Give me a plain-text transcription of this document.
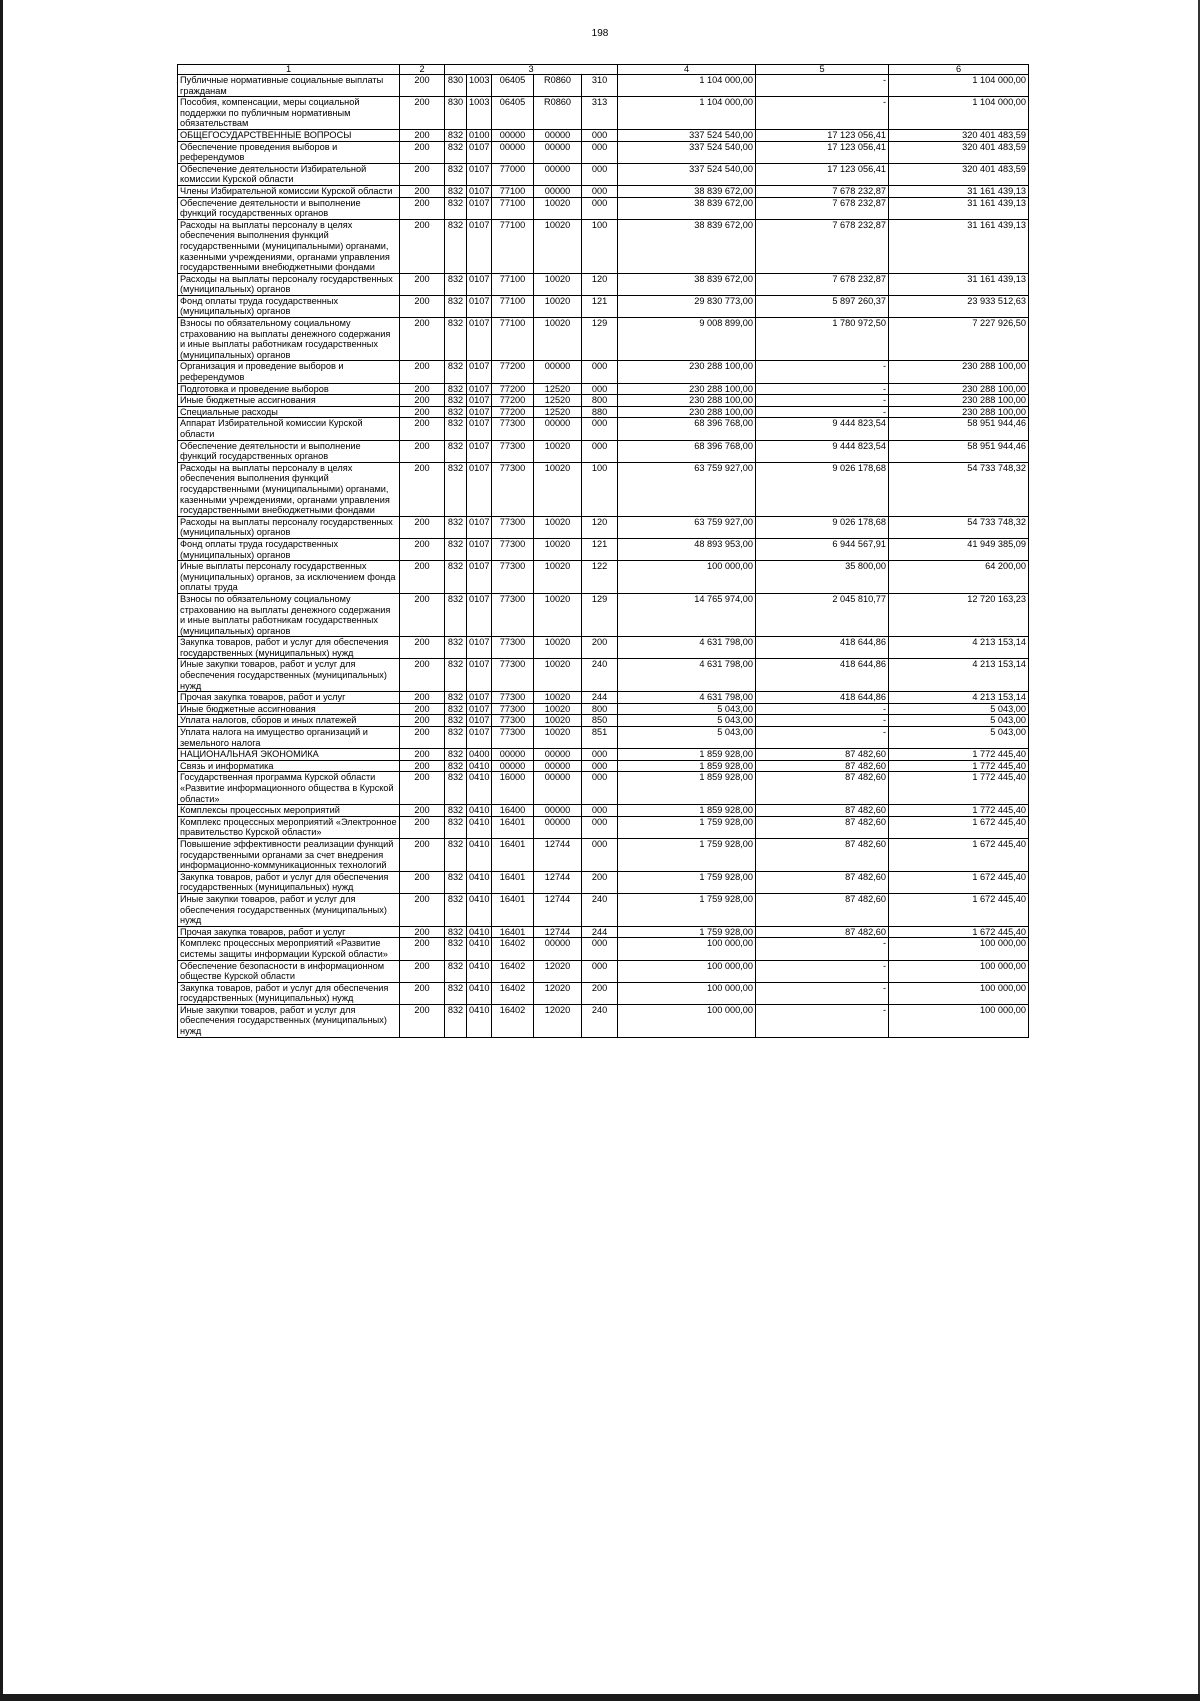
198
1	2	3					4	5	6
Публичные нормативные социальные выплаты гражданам	200	830	1003	06405	R0860	310	1 104 000,00	-	1 104 000,00
Пособия, компенсации, меры социальной поддержки по публичным нормативным обязательствам	200	830	1003	06405	R0860	313	1 104 000,00	-	1 104 000,00
ОБЩЕГОСУДАРСТВЕННЫЕ ВОПРОСЫ	200	832	0100	00000	00000	000	337 524 540,00	17 123 056,41	320 401 483,59
Обеспечение проведения выборов и референдумов	200	832	0107	00000	00000	000	337 524 540,00	17 123 056,41	320 401 483,59
Обеспечение деятельности Избирательной комиссии Курской области	200	832	0107	77000	00000	000	337 524 540,00	17 123 056,41	320 401 483,59
Члены Избирательной комиссии Курской области	200	832	0107	77100	00000	000	38 839 672,00	7 678 232,87	31 161 439,13
Обеспечение деятельности и выполнение функций государственных органов	200	832	0107	77100	10020	000	38 839 672,00	7 678 232,87	31 161 439,13
Расходы на выплаты персоналу в целях обеспечения выполнения функций государственными (муниципальными) органами, казенными учреждениями, органами управления государственными внебюджетными фондами	200	832	0107	77100	10020	100	38 839 672,00	7 678 232,87	31 161 439,13
Расходы на выплаты персоналу государственных (муниципальных) органов	200	832	0107	77100	10020	120	38 839 672,00	7 678 232,87	31 161 439,13
Фонд оплаты труда государственных (муниципальных) органов	200	832	0107	77100	10020	121	29 830 773,00	5 897 260,37	23 933 512,63
Взносы по обязательному социальному страхованию на выплаты денежного содержания и иные выплаты работникам государственных (муниципальных) органов	200	832	0107	77100	10020	129	9 008 899,00	1 780 972,50	7 227 926,50
Организация и проведение выборов и референдумов	200	832	0107	77200	00000	000	230 288 100,00	-	230 288 100,00
Подготовка и проведение выборов	200	832	0107	77200	12520	000	230 288 100,00	-	230 288 100,00
Иные бюджетные ассигнования	200	832	0107	77200	12520	800	230 288 100,00	-	230 288 100,00
Специальные расходы	200	832	0107	77200	12520	880	230 288 100,00	-	230 288 100,00
Аппарат Избирательной комиссии Курской области	200	832	0107	77300	00000	000	68 396 768,00	9 444 823,54	58 951 944,46
Обеспечение деятельности и выполнение функций государственных органов	200	832	0107	77300	10020	000	68 396 768,00	9 444 823,54	58 951 944,46
Расходы на выплаты персоналу в целях обеспечения выполнения функций государственными (муниципальными) органами, казенными учреждениями, органами управления государственными внебюджетными фондами	200	832	0107	77300	10020	100	63 759 927,00	9 026 178,68	54 733 748,32
Расходы на выплаты персоналу государственных (муниципальных) органов	200	832	0107	77300	10020	120	63 759 927,00	9 026 178,68	54 733 748,32
Фонд оплаты труда государственных (муниципальных) органов	200	832	0107	77300	10020	121	48 893 953,00	6 944 567,91	41 949 385,09
Иные выплаты персоналу государственных (муниципальных) органов, за исключением фонда оплаты труда	200	832	0107	77300	10020	122	100 000,00	35 800,00	64 200,00
Взносы по обязательному социальному страхованию на выплаты денежного содержания и иные выплаты работникам государственных (муниципальных) органов	200	832	0107	77300	10020	129	14 765 974,00	2 045 810,77	12 720 163,23
Закупка товаров, работ и услуг для обеспечения государственных (муниципальных) нужд	200	832	0107	77300	10020	200	4 631 798,00	418 644,86	4 213 153,14
Иные закупки товаров, работ и услуг для обеспечения государственных (муниципальных) нужд	200	832	0107	77300	10020	240	4 631 798,00	418 644,86	4 213 153,14
Прочая закупка товаров, работ и услуг	200	832	0107	77300	10020	244	4 631 798,00	418 644,86	4 213 153,14
Иные бюджетные ассигнования	200	832	0107	77300	10020	800	5 043,00	-	5 043,00
Уплата налогов, сборов и иных платежей	200	832	0107	77300	10020	850	5 043,00	-	5 043,00
Уплата налога на имущество организаций и земельного налога	200	832	0107	77300	10020	851	5 043,00	-	5 043,00
НАЦИОНАЛЬНАЯ ЭКОНОМИКА	200	832	0400	00000	00000	000	1 859 928,00	87 482,60	1 772 445,40
Связь и информатика	200	832	0410	00000	00000	000	1 859 928,00	87 482,60	1 772 445,40
Государственная программа Курской области «Развитие информационного общества в Курской области»	200	832	0410	16000	00000	000	1 859 928,00	87 482,60	1 772 445,40
Комплексы процессных мероприятий	200	832	0410	16400	00000	000	1 859 928,00	87 482,60	1 772 445,40
Комплекс процессных мероприятий «Электронное правительство Курской области»	200	832	0410	16401	00000	000	1 759 928,00	87 482,60	1 672 445,40
Повышение эффективности реализации функций государственными органами за счет внедрения информационно-коммуникационных технологий	200	832	0410	16401	12744	000	1 759 928,00	87 482,60	1 672 445,40
Закупка товаров, работ и услуг для обеспечения государственных (муниципальных) нужд	200	832	0410	16401	12744	200	1 759 928,00	87 482,60	1 672 445,40
Иные закупки товаров, работ и услуг для обеспечения государственных (муниципальных) нужд	200	832	0410	16401	12744	240	1 759 928,00	87 482,60	1 672 445,40
Прочая закупка товаров, работ и услуг	200	832	0410	16401	12744	244	1 759 928,00	87 482,60	1 672 445,40
Комплекс процессных мероприятий «Развитие системы защиты информации Курской области»	200	832	0410	16402	00000	000	100 000,00	-	100 000,00
Обеспечение безопасности в информационном обществе Курской области	200	832	0410	16402	12020	000	100 000,00	-	100 000,00
Закупка товаров, работ и услуг для обеспечения государственных (муниципальных) нужд	200	832	0410	16402	12020	200	100 000,00	-	100 000,00
Иные закупки товаров, работ и услуг для обеспечения государственных (муниципальных) нужд	200	832	0410	16402	12020	240	100 000,00	-	100 000,00
